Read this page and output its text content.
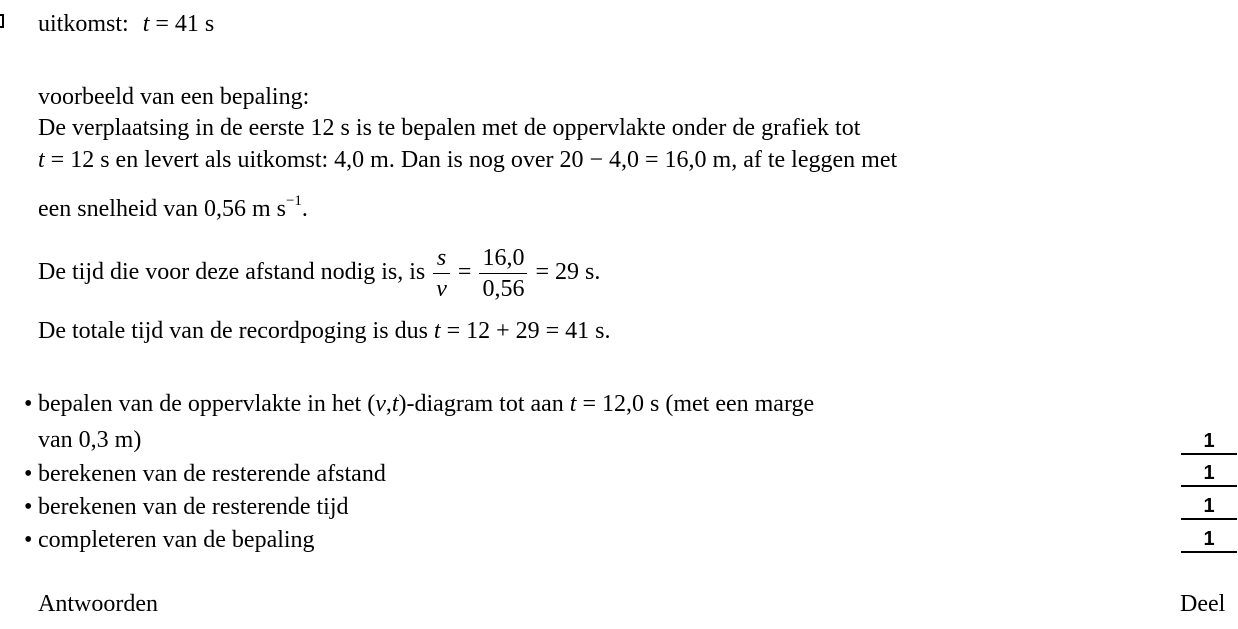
uitkomst: t = 41 s
voorbeeld van een bepaling:
De verplaatsing in de eerste 12 s is te bepalen met de oppervlakte onder de grafiek tot
t = 12 s en levert als uitkomst: 4,0 m. Dan is nog over 20 − 4,0 = 16,0 m, af te leggen met
een snelheid van 0,56 m $s^{-1}$.
De tijd die voor deze afstand nodig is, is $\frac{s}{v} = \frac{16,0}{0,56} = 29$ s.
De totale tijd van de recordpoging is dus t = 12 + 29 = 41 s.
• bepalen van de oppervlakte in het (v,t)-diagram tot aan t = 12,0 s (met een marge
van 0,3 m)
• berekenen van de resterende afstand
• berekenen van de resterende tijd
• completeren van de bepaling
1
1
1
1
Antwoorden	Deel
